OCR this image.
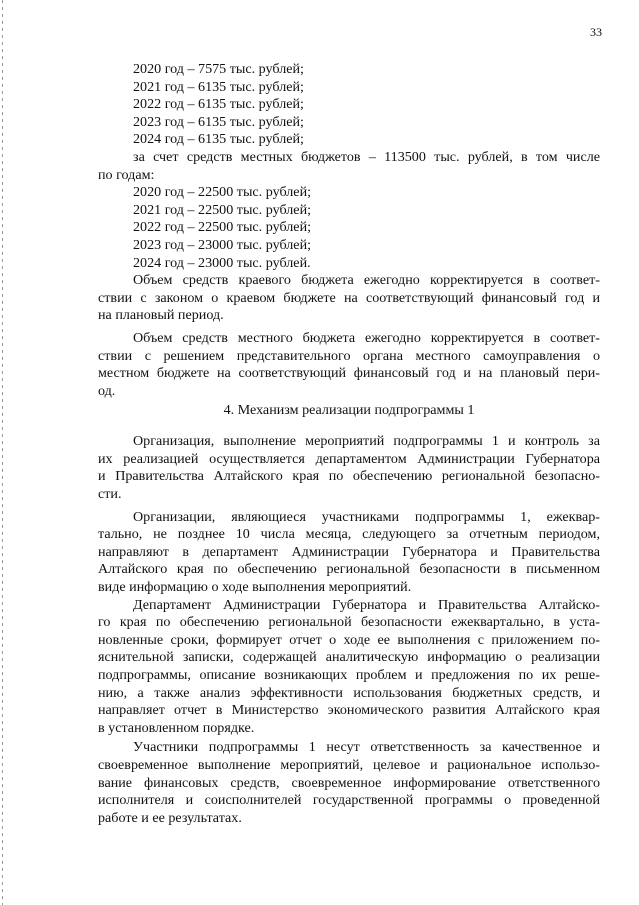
33
2020 год – 7575 тыс. рублей;
2021 год – 6135 тыс. рублей;
2022 год – 6135 тыс. рублей;
2023 год – 6135 тыс. рублей;
2024 год – 6135 тыс. рублей;
за счет средств местных бюджетов – 113500 тыс. рублей, в том числе
по годам:
2020 год – 22500 тыс. рублей;
2021 год – 22500 тыс. рублей;
2022 год – 22500 тыс. рублей;
2023 год – 23000 тыс. рублей;
2024 год – 23000 тыс. рублей.
Объем средств краевого бюджета ежегодно корректируется в соответ-
ствии с законом о краевом бюджете на соответствующий финансовый год и
на плановый период.
Объем средств местного бюджета ежегодно корректируется в соответ-
ствии с решением представительного органа местного самоуправления о
местном бюджете на соответствующий финансовый год и на плановый пери-
од.
4. Механизм реализации подпрограммы 1
Организация, выполнение мероприятий подпрограммы 1 и контроль за
их реализацией осуществляется департаментом Администрации Губернатора
и Правительства Алтайского края по обеспечению региональной безопасно-
сти.
Организации, являющиеся участниками подпрограммы 1, ежеквар-
тально, не позднее 10 числа месяца, следующего за отчетным периодом,
направляют в департамент Администрации Губернатора и Правительства
Алтайского края по обеспечению региональной безопасности в письменном
виде информацию о ходе выполнения мероприятий.
Департамент Администрации Губернатора и Правительства Алтайско-
го края по обеспечению региональной безопасности ежеквартально, в уста-
новленные сроки, формирует отчет о ходе ее выполнения с приложением по-
яснительной записки, содержащей аналитическую информацию о реализации
подпрограммы, описание возникающих проблем и предложения по их реше-
нию, а также анализ эффективности использования бюджетных средств, и
направляет отчет в Министерство экономического развития Алтайского края
в установленном порядке.
Участники подпрограммы 1 несут ответственность за качественное и
своевременное выполнение мероприятий, целевое и рациональное использо-
вание финансовых средств, своевременное информирование ответственного
исполнителя и соисполнителей государственной программы о проведенной
работе и ее результатах.
